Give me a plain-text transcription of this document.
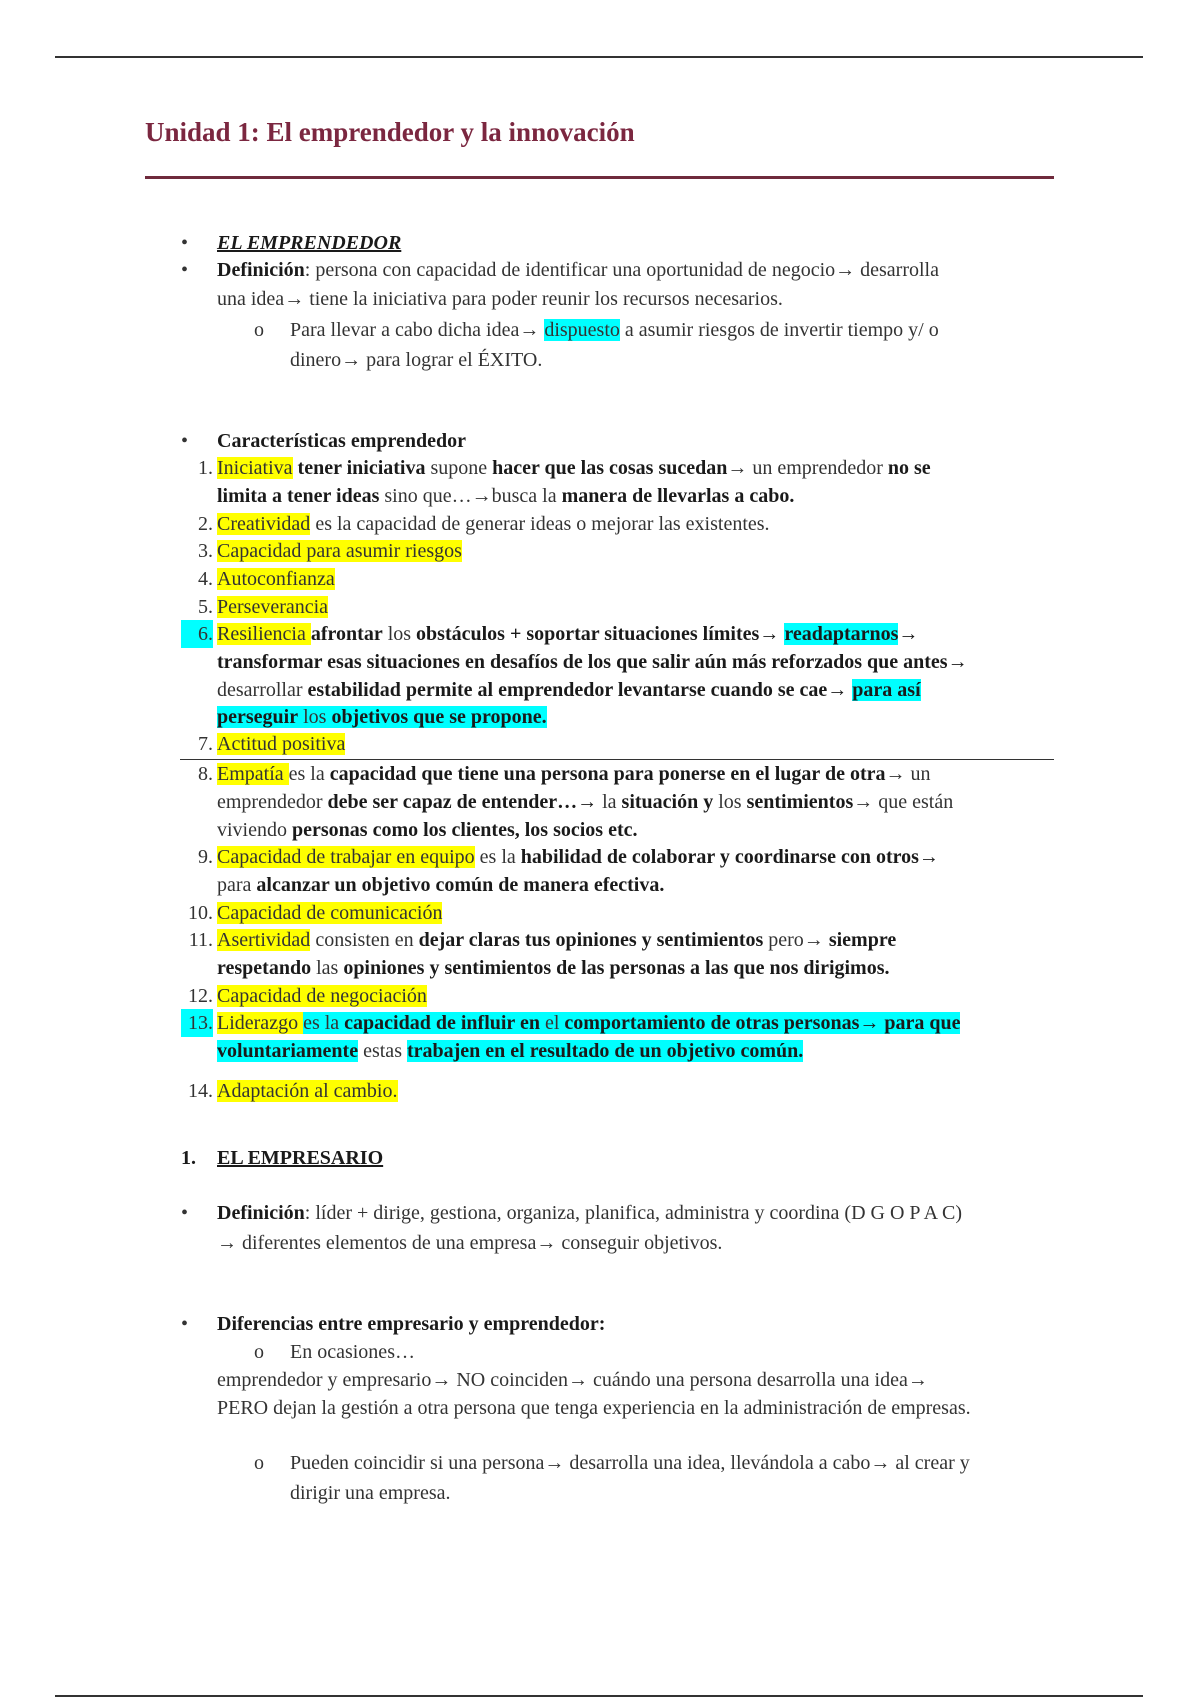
Unidad 1: El emprendedor y la innovación
• EL EMPRENDEDOR
• Definición: persona con capacidad de identificar una oportunidad de negocio→ desarrolla
una idea→ tiene la iniciativa para poder reunir los recursos necesarios.
o Para llevar a cabo dicha idea→ dispuesto a asumir riesgos de invertir tiempo y/ o
dinero→ para lograr el ÉXITO.
• Características emprendedor
1. Iniciativa tener iniciativa supone hacer que las cosas sucedan→ un emprendedor no se
limita a tener ideas sino que…→busca la manera de llevarlas a cabo.
2. Creatividad es la capacidad de generar ideas o mejorar las existentes.
3. Capacidad para asumir riesgos
4. Autoconfianza
5. Perseverancia
6. Resiliencia afrontar los obstáculos + soportar situaciones límites→ readaptarnos→
transformar esas situaciones en desafíos de los que salir aún más reforzados que antes→
desarrollar estabilidad permite al emprendedor levantarse cuando se cae→ para así
perseguir los objetivos que se propone.
7. Actitud positiva
8. Empatía es la capacidad que tiene una persona para ponerse en el lugar de otra→ un
emprendedor debe ser capaz de entender…→ la situación y los sentimientos→ que están
viviendo personas como los clientes, los socios etc.
9. Capacidad de trabajar en equipo es la habilidad de colaborar y coordinarse con otros→
para alcanzar un objetivo común de manera efectiva.
10. Capacidad de comunicación
11. Asertividad consisten en dejar claras tus opiniones y sentimientos pero→ siempre
respetando las opiniones y sentimientos de las personas a las que nos dirigimos.
12. Capacidad de negociación
13. Liderazgo es la capacidad de influir en el comportamiento de otras personas→ para que
voluntariamente estas trabajen en el resultado de un objetivo común.
14. Adaptación al cambio.
1.	EL EMPRESARIO
• Definición: líder + dirige, gestiona, organiza, planifica, administra y coordina (D G O P A C)
→ diferentes elementos de una empresa→ conseguir objetivos.
• Diferencias entre empresario y emprendedor:
o En ocasiones…
emprendedor y empresario→ NO coinciden→ cuándo una persona desarrolla una idea→
PERO dejan la gestión a otra persona que tenga experiencia en la administración de empresas.
o Pueden coincidir si una persona→ desarrolla una idea, llevándola a cabo→ al crear y
dirigir una empresa.
